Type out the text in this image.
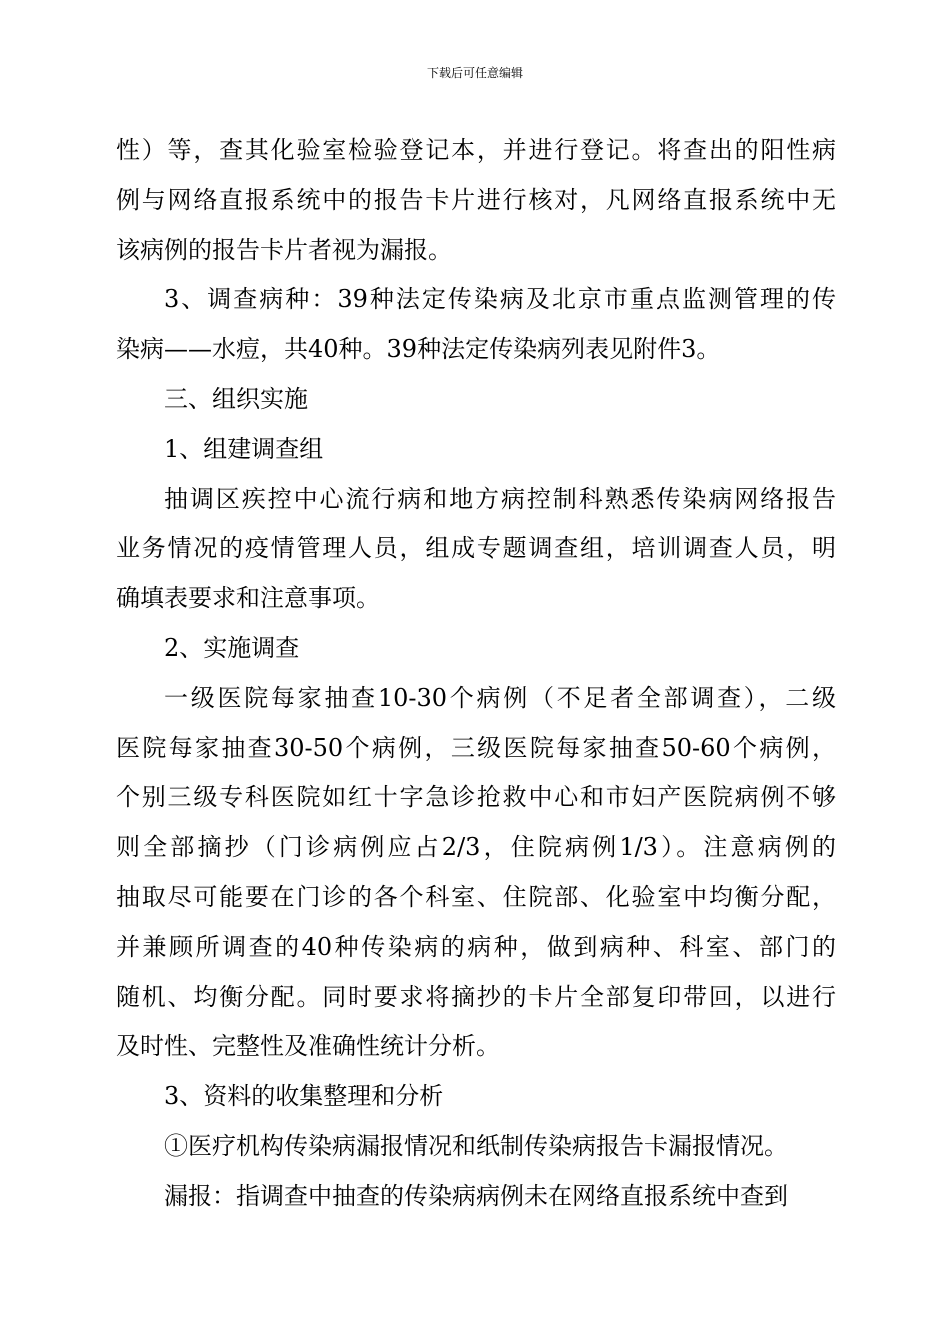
下载后可任意编辑

性）等，查其化验室检验登记本，并进行登记。将查出的阳性病
例与网络直报系统中的报告卡片进行核对，凡网络直报系统中无
该病例的报告卡片者视为漏报。

3、调查病种：39种法定传染病及北京市重点监测管理的传
染病——水痘，共40种。39种法定传染病列表见附件3。

三、组织实施

1、组建调查组

抽调区疾控中心流行病和地方病控制科熟悉传染病网络报告
业务情况的疫情管理人员，组成专题调查组，培训调查人员，明
确填表要求和注意事项。

2、实施调查

一级医院每家抽查10-30个病例（不足者全部调查），二级
医院每家抽查30-50个病例，三级医院每家抽查50-60个病例，
个别三级专科医院如红十字急诊抢救中心和市妇产医院病例不够
则全部摘抄（门诊病例应占2/3，住院病例1/3）。注意病例的
抽取尽可能要在门诊的各个科室、住院部、化验室中均衡分配，
并兼顾所调查的40种传染病的病种，做到病种、科室、部门的
随机、均衡分配。同时要求将摘抄的卡片全部复印带回，以进行
及时性、完整性及准确性统计分析。

3、资料的收集整理和分析

①医疗机构传染病漏报情况和纸制传染病报告卡漏报情况。

漏报：指调查中抽查的传染病病例未在网络直报系统中查到
